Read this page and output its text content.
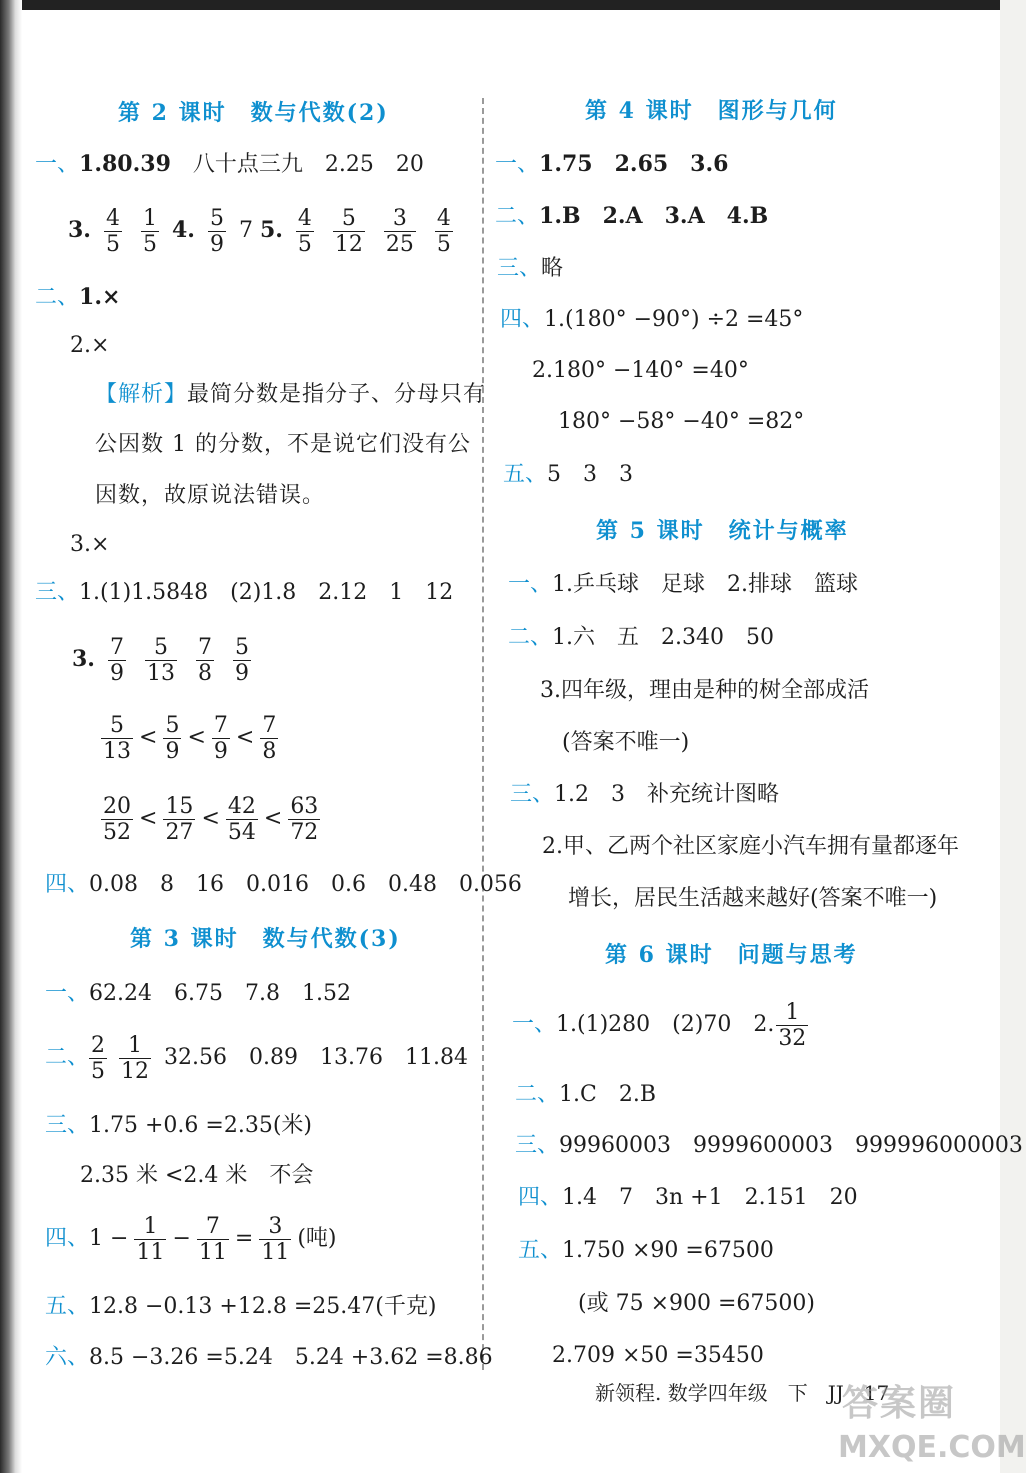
第 2 课时　数与代数(2)
一、1.80.39　 八十点三九　 2.25　20
3. $\frac{4}{5}$
$\frac{1}{5} 4$. $\frac{5}{9} 7$ 5. $\frac{4}{5}$
$\frac{5}{12}$
$\frac{3}{25}$
$\frac{4}{5}$
二、1.×
2.×
【解析】最简分数是指分子、分母只有
公因数 1 的分数，不是说它们没有公
因数，故原说法错误。
3.×
三、1.(1)1.5848　(2)1.8　2.12　1　12
3. $\frac{7}{9}$
$\frac{5}{13}$
$\frac{7}{8}$
$\frac{5}{9}$
$\frac{5}{13} < \frac{5}{9} < \frac{7}{9} < \frac{7}{8}$
$\frac{20}{52} < \frac{15}{27} < \frac{42}{54} < \frac{63}{72}$
四、0.08　8　16　0.016　0.6　0.48　0.056
第 3 课时　数与代数(3)
一、62.24　6.75　7.8　1.52
二、 $\frac{2}{5} \frac{1}{12} 32.56$　0.89　13.76　11.84
三、1.75 +0.6 =2.35(米)
2.35 米 <2.4 米　不会
四、$1 - \frac{1}{11} - \frac{7}{11} = \frac{3}{11}$ (吨)
五、12.8 −0.13 +12.8 =25.47(千克)
六、8.5 −3.26 =5.24　5.24 +3.62 =8.86
第 4 课时　图形与几何
一、1.75　2.65　3.6
二、1.B　2.A　3.A　4.B
三、略
四、1.(180° −90°) ÷2 =45°
2.180° −140° =40°
180° −58° −40° =82°
五、5　3　3
第 5 课时　统计与概率
一、1.乒乓球　足球　2.排球　篮球
二、1.六　五　2.340　50
3.四年级，理由是种的树全部成活
(答案不唯一)
三、1.2　3　补充统计图略
2.甲、乙两个社区家庭小汽车拥有量都逐年
增长，居民生活越来越好(答案不唯一)
第 6 课时　问题与思考
一、1.(1)280　(2)70　2. $\frac{1}{32}$
二、1.C　2.B
三、99960003　9999600003　999996000003
四、1.4　7　3n +1　2.151　20
五、1.750 ×90 =67500
(或 75 ×900 =67500)
2.709 ×50 =35450
新领程. 数学四年级　下　JJ　17
答案圈
MXQE.COM
